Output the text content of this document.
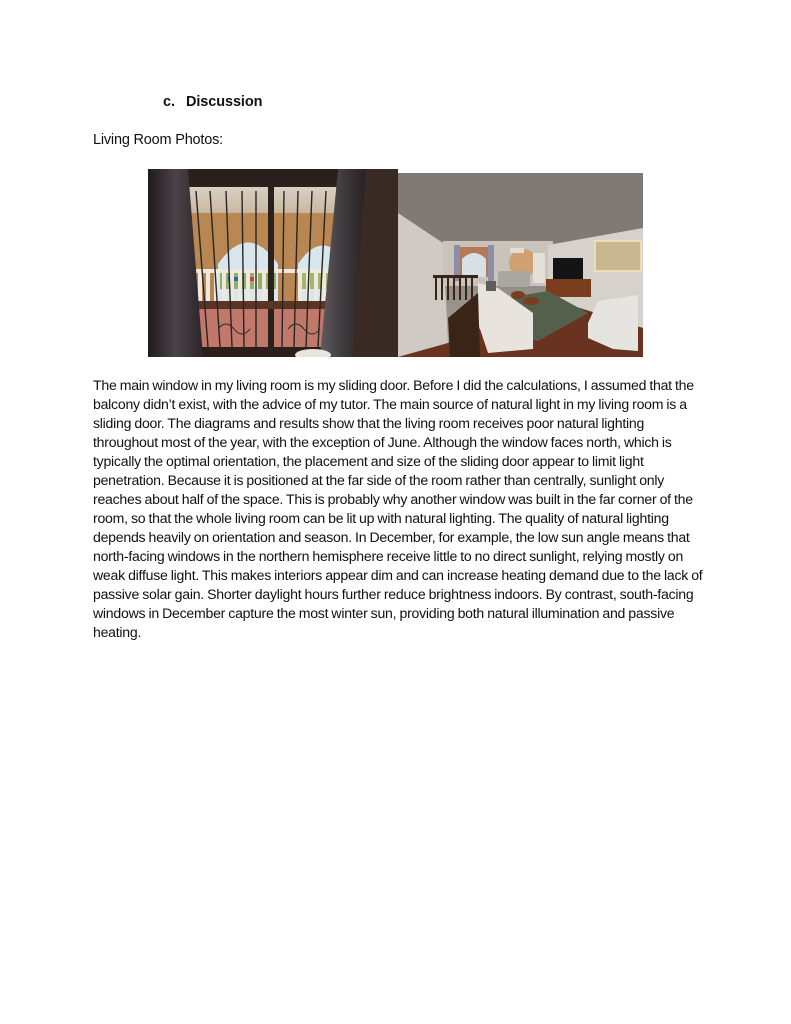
c. Discussion
Living Room Photos:
The main window in my living room is my sliding door. Before I did the calculations, I assumed that the balcony didn’t exist, with the advice of my tutor. The main source of natural light in my living room is a sliding door. The diagrams and results show that the living room receives poor natural lighting throughout most of the year, with the exception of June. Although the window faces north, which is typically the optimal orientation, the placement and size of the sliding door appear to limit light penetration. Because it is positioned at the far side of the room rather than centrally, sunlight only reaches about half of the space. This is probably why another window was built in the far corner of the room, so that the whole living room can be lit up with natural lighting. The quality of natural lighting depends heavily on orientation and season. In December, for example, the low sun angle means that north-facing windows in the northern hemisphere receive little to no direct sunlight, relying mostly on weak diffuse light. This makes interiors appear dim and can increase heating demand due to the lack of passive solar gain. Shorter daylight hours further reduce brightness indoors. By contrast, south-facing windows in December capture the most winter sun, providing both natural illumination and passive heating.
